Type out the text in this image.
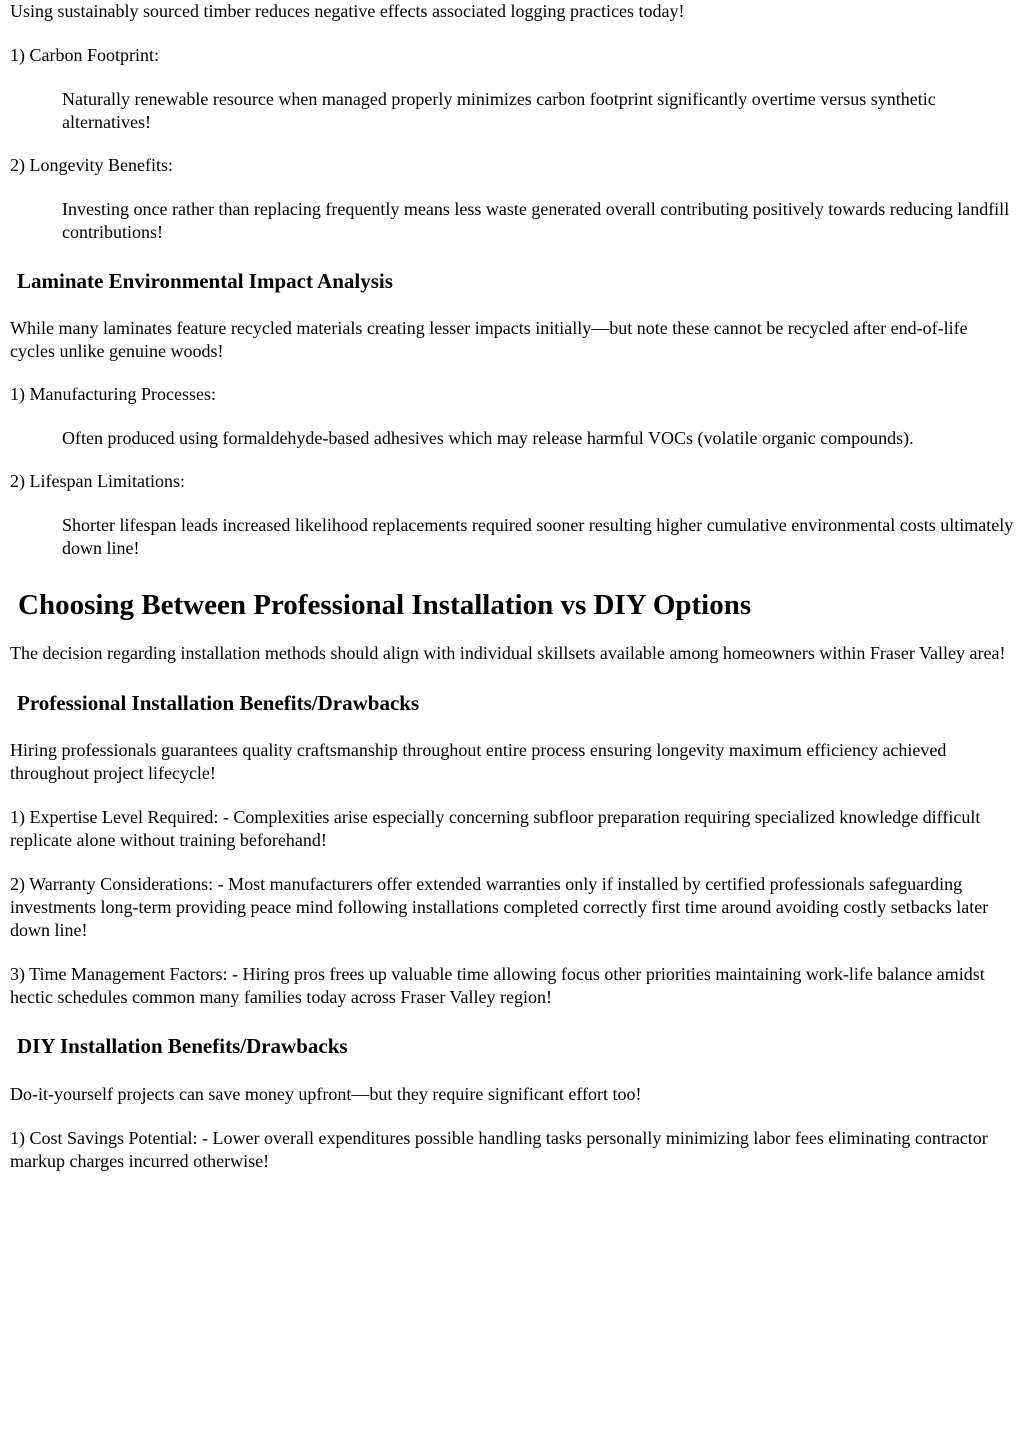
Using sustainably sourced timber reduces negative effects associated logging practices today!

1) Carbon Footprint:

Naturally renewable resource when managed properly minimizes carbon footprint significantly overtime versus synthetic alternatives!

2) Longevity Benefits:

Investing once rather than replacing frequently means less waste generated overall contributing positively towards reducing landfill contributions!

Laminate Environmental Impact Analysis

While many laminates feature recycled materials creating lesser impacts initially—but note these cannot be recycled after end-of-life cycles unlike genuine woods!

1) Manufacturing Processes:

Often produced using formaldehyde-based adhesives which may release harmful VOCs (volatile organic compounds).

2) Lifespan Limitations:

Shorter lifespan leads increased likelihood replacements required sooner resulting higher cumulative environmental costs ultimately down line!

Choosing Between Professional Installation vs DIY Options

The decision regarding installation methods should align with individual skillsets available among homeowners within Fraser Valley area!

Professional Installation Benefits/Drawbacks

Hiring professionals guarantees quality craftsmanship throughout entire process ensuring longevity maximum efficiency achieved throughout project lifecycle!

1) Expertise Level Required: - Complexities arise especially concerning subfloor preparation requiring specialized knowledge difficult replicate alone without training beforehand!

2) Warranty Considerations: - Most manufacturers offer extended warranties only if installed by certified professionals safeguarding investments long-term providing peace mind following installations completed correctly first time around avoiding costly setbacks later down line!

3) Time Management Factors: - Hiring pros frees up valuable time allowing focus other priorities maintaining work-life balance amidst hectic schedules common many families today across Fraser Valley region!

DIY Installation Benefits/Drawbacks

Do-it-yourself projects can save money upfront—but they require significant effort too!

1) Cost Savings Potential: - Lower overall expenditures possible handling tasks personally minimizing labor fees eliminating contractor markup charges incurred otherwise!
